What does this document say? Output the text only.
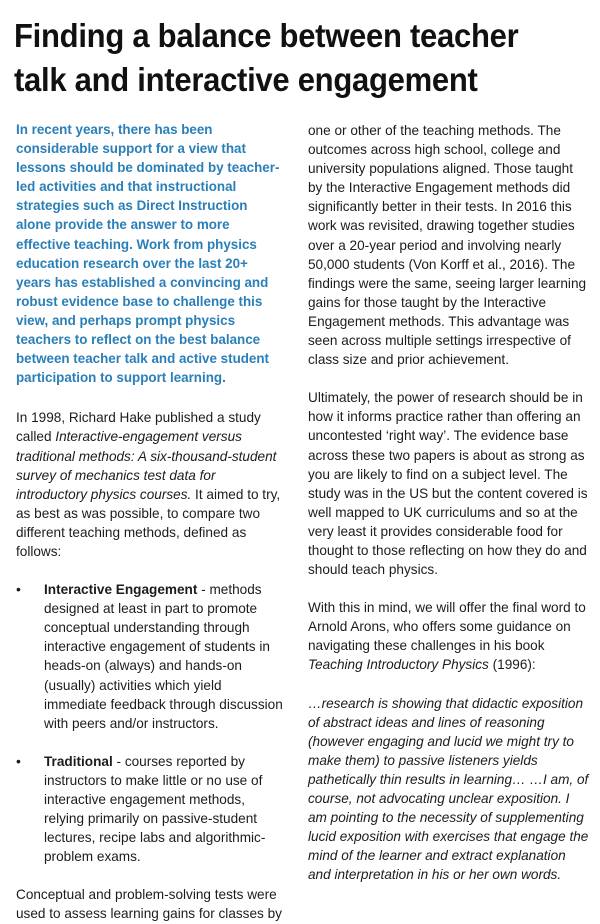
Finding a balance between teacher
talk and interactive engagement

In recent years, there has been considerable support for a view that lessons should be dominated by teacher-led activities and that instructional strategies such as Direct Instruction alone provide the answer to more effective teaching. Work from physics education research over the last 20+ years has established a convincing and robust evidence base to challenge this view, and perhaps prompt physics teachers to reflect on the best balance between teacher talk and active student participation to support learning.

In 1998, Richard Hake published a study called Interactive-engagement versus traditional methods: A six-thousand-student survey of mechanics test data for introductory physics courses. It aimed to try, as best as was possible, to compare two different teaching methods, defined as follows:

• Interactive Engagement - methods designed at least in part to promote conceptual understanding through interactive engagement of students in heads-on (always) and hands-on (usually) activities which yield immediate feedback through discussion with peers and/or instructors.
• Traditional - courses reported by instructors to make little or no use of interactive engagement methods, relying primarily on passive-student lectures, recipe labs and algorithmic-problem exams.

Conceptual and problem-solving tests were used to assess learning gains for classes by

one or other of the teaching methods. The outcomes across high school, college and university populations aligned. Those taught by the Interactive Engagement methods did significantly better in their tests. In 2016 this work was revisited, drawing together studies over a 20-year period and involving nearly 50,000 students (Von Korff et al., 2016). The findings were the same, seeing larger learning gains for those taught by the Interactive Engagement methods. This advantage was seen across multiple settings irrespective of class size and prior achievement.

Ultimately, the power of research should be in how it informs practice rather than offering an uncontested ‘right way’. The evidence base across these two papers is about as strong as you are likely to find on a subject level. The study was in the US but the content covered is well mapped to UK curriculums and so at the very least it provides considerable food for thought to those reflecting on how they do and should teach physics.

With this in mind, we will offer the final word to Arnold Arons, who offers some guidance on navigating these challenges in his book Teaching Introductory Physics (1996):

…research is showing that didactic exposition of abstract ideas and lines of reasoning (however engaging and lucid we might try to make them) to passive listeners yields pathetically thin results in learning… …I am, of course, not advocating unclear exposition. I am pointing to the necessity of supplementing lucid exposition with exercises that engage the mind of the learner and extract explanation and interpretation in his or her own words.
